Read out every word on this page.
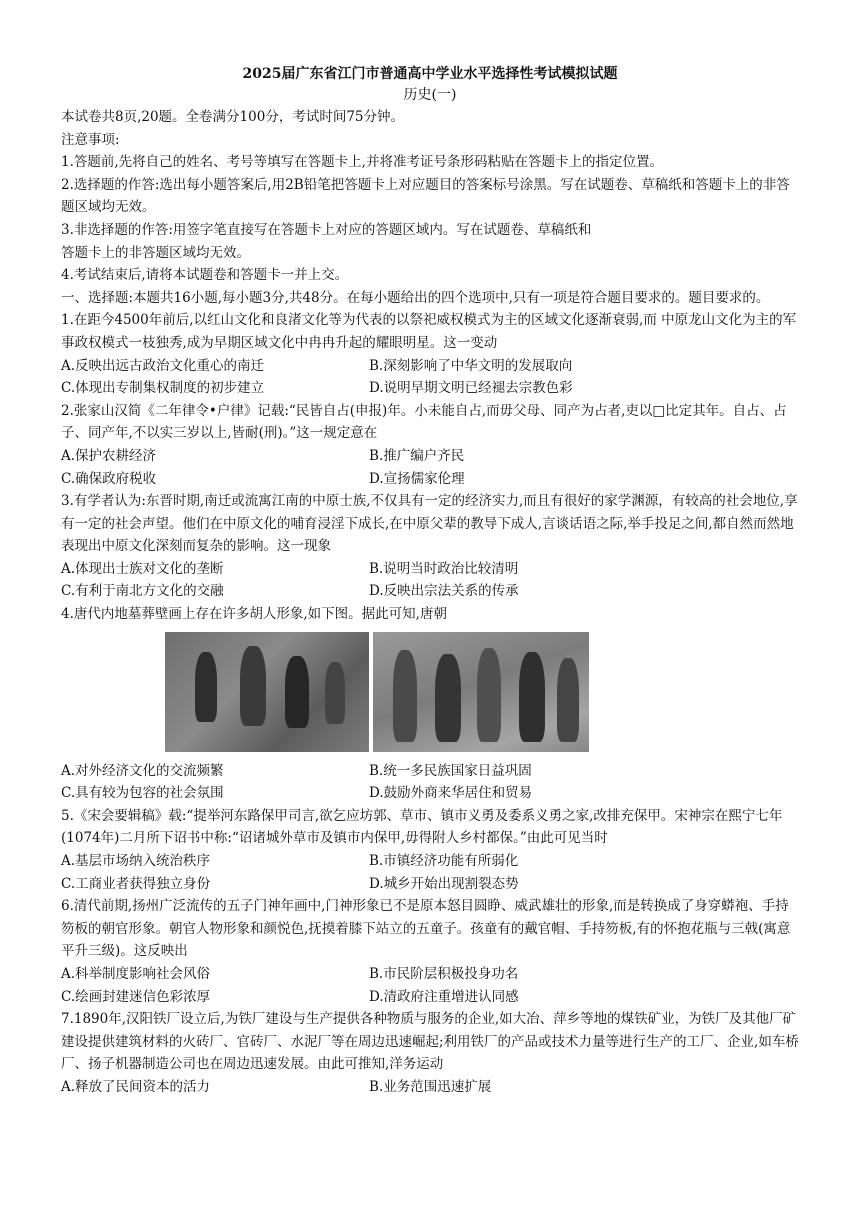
2025届广东省江门市普通高中学业水平选择性考试模拟试题
历史(一)
本试卷共8页,20题。全卷满分100分，考试时间75分钟。
注意事项:
1.答题前,先将自己的姓名、考号等填写在答题卡上,并将准考证号条形码粘贴在答题卡上的指定位置。
2.选择题的作答:选出每小题答案后,用2B铅笔把答题卡上对应题目的答案标号涂黑。写在试题卷、草稿纸和答题卡上的非答题区域均无效。
3.非选择题的作答:用签字笔直接写在答题卡上对应的答题区域内。写在试题卷、草稿纸和
答题卡上的非答题区域均无效。
4.考试结束后,请将本试题卷和答题卡一并上交。
一、选择题:本题共16小题,每小题3分,共48分。在每小题给出的四个选项中,只有一项是符合题目要求的。题目要求的。
1.在距今4500年前后,以红山文化和良渚文化等为代表的以祭祀威权模式为主的区域文化逐渐衰弱,而 中原龙山文化为主的军事政权模式一枝独秀,成为早期区域文化中冉冉升起的耀眼明星。这一变动
A.反映出远古政治文化重心的南迁	B.深刻影响了中华文明的发展取向
C.体现出专制集权制度的初步建立	D.说明早期文明已经褪去宗教色彩
2.张家山汉简《二年律令•户律》记载:“民皆自占(申报)年。小未能自占,而毋父母、同产为占者,吏以□比定其年。自占、占子、同产年,不以实三岁以上,皆耐(刑)。”这一规定意在
A.保护农耕经济	B.推广编户齐民
C.确保政府税收	D.宣扬儒家伦理
3.有学者认为:东晋时期,南迁或流寓江南的中原士族,不仅具有一定的经济实力,而且有很好的家学渊源，有较高的社会地位,享有一定的社会声望。他们在中原文化的哺育浸淫下成长,在中原父辈的教导下成人,言谈话语之际,举手投足之间,都自然而然地表现出中原文化深刻而复杂的影响。这一现象
A.体现出士族对文化的垄断	B.说明当时政治比较清明
C.有利于南北方文化的交融	D.反映出宗法关系的传承
4.唐代内地墓葬壁画上存在许多胡人形象,如下图。据此可知,唐朝
A.对外经济文化的交流频繁	B.统一多民族国家日益巩固
C.具有较为包容的社会氛围	D.鼓励外商来华居住和贸易
5.《宋会要辑稿》载:“提举河东路保甲司言,欲乞应坊郭、草市、镇市义勇及委系义勇之家,改排充保甲。宋神宗在熙宁七年(1074年)二月所下诏书中称:“诏诸城外草市及镇市内保甲,毋得附人乡村都保。”由此可见当时
A.基层市场纳入统治秩序	B.市镇经济功能有所弱化
C.工商业者获得独立身份	D.城乡开始出现割裂态势
6.清代前期,扬州广泛流传的五子门神年画中,门神形象已不是原本怒目圆睁、威武雄壮的形象,而是转换成了身穿蟒袍、手持笏板的朝官形象。朝官人物形象和颜悦色,抚摸着膝下站立的五童子。孩童有的戴官帽、手持笏板,有的怀抱花瓶与三戟(寓意平升三级)。这反映出
A.科举制度影响社会风俗	B.市民阶层积极投身功名
C.绘画封建迷信色彩浓厚	D.清政府注重增进认同感
7.1890年,汉阳铁厂设立后,为铁厂建设与生产提供各种物质与服务的企业,如大冶、萍乡等地的煤铁矿业，为铁厂及其他厂矿建设提供建筑材料的火砖厂、官砖厂、水泥厂等在周边迅速崛起;利用铁厂的产品或技术力量等进行生产的工厂、企业,如车桥厂、扬子机器制造公司也在周边迅速发展。由此可推知,洋务运动
A.释放了民间资本的活力	B.业务范围迅速扩展
